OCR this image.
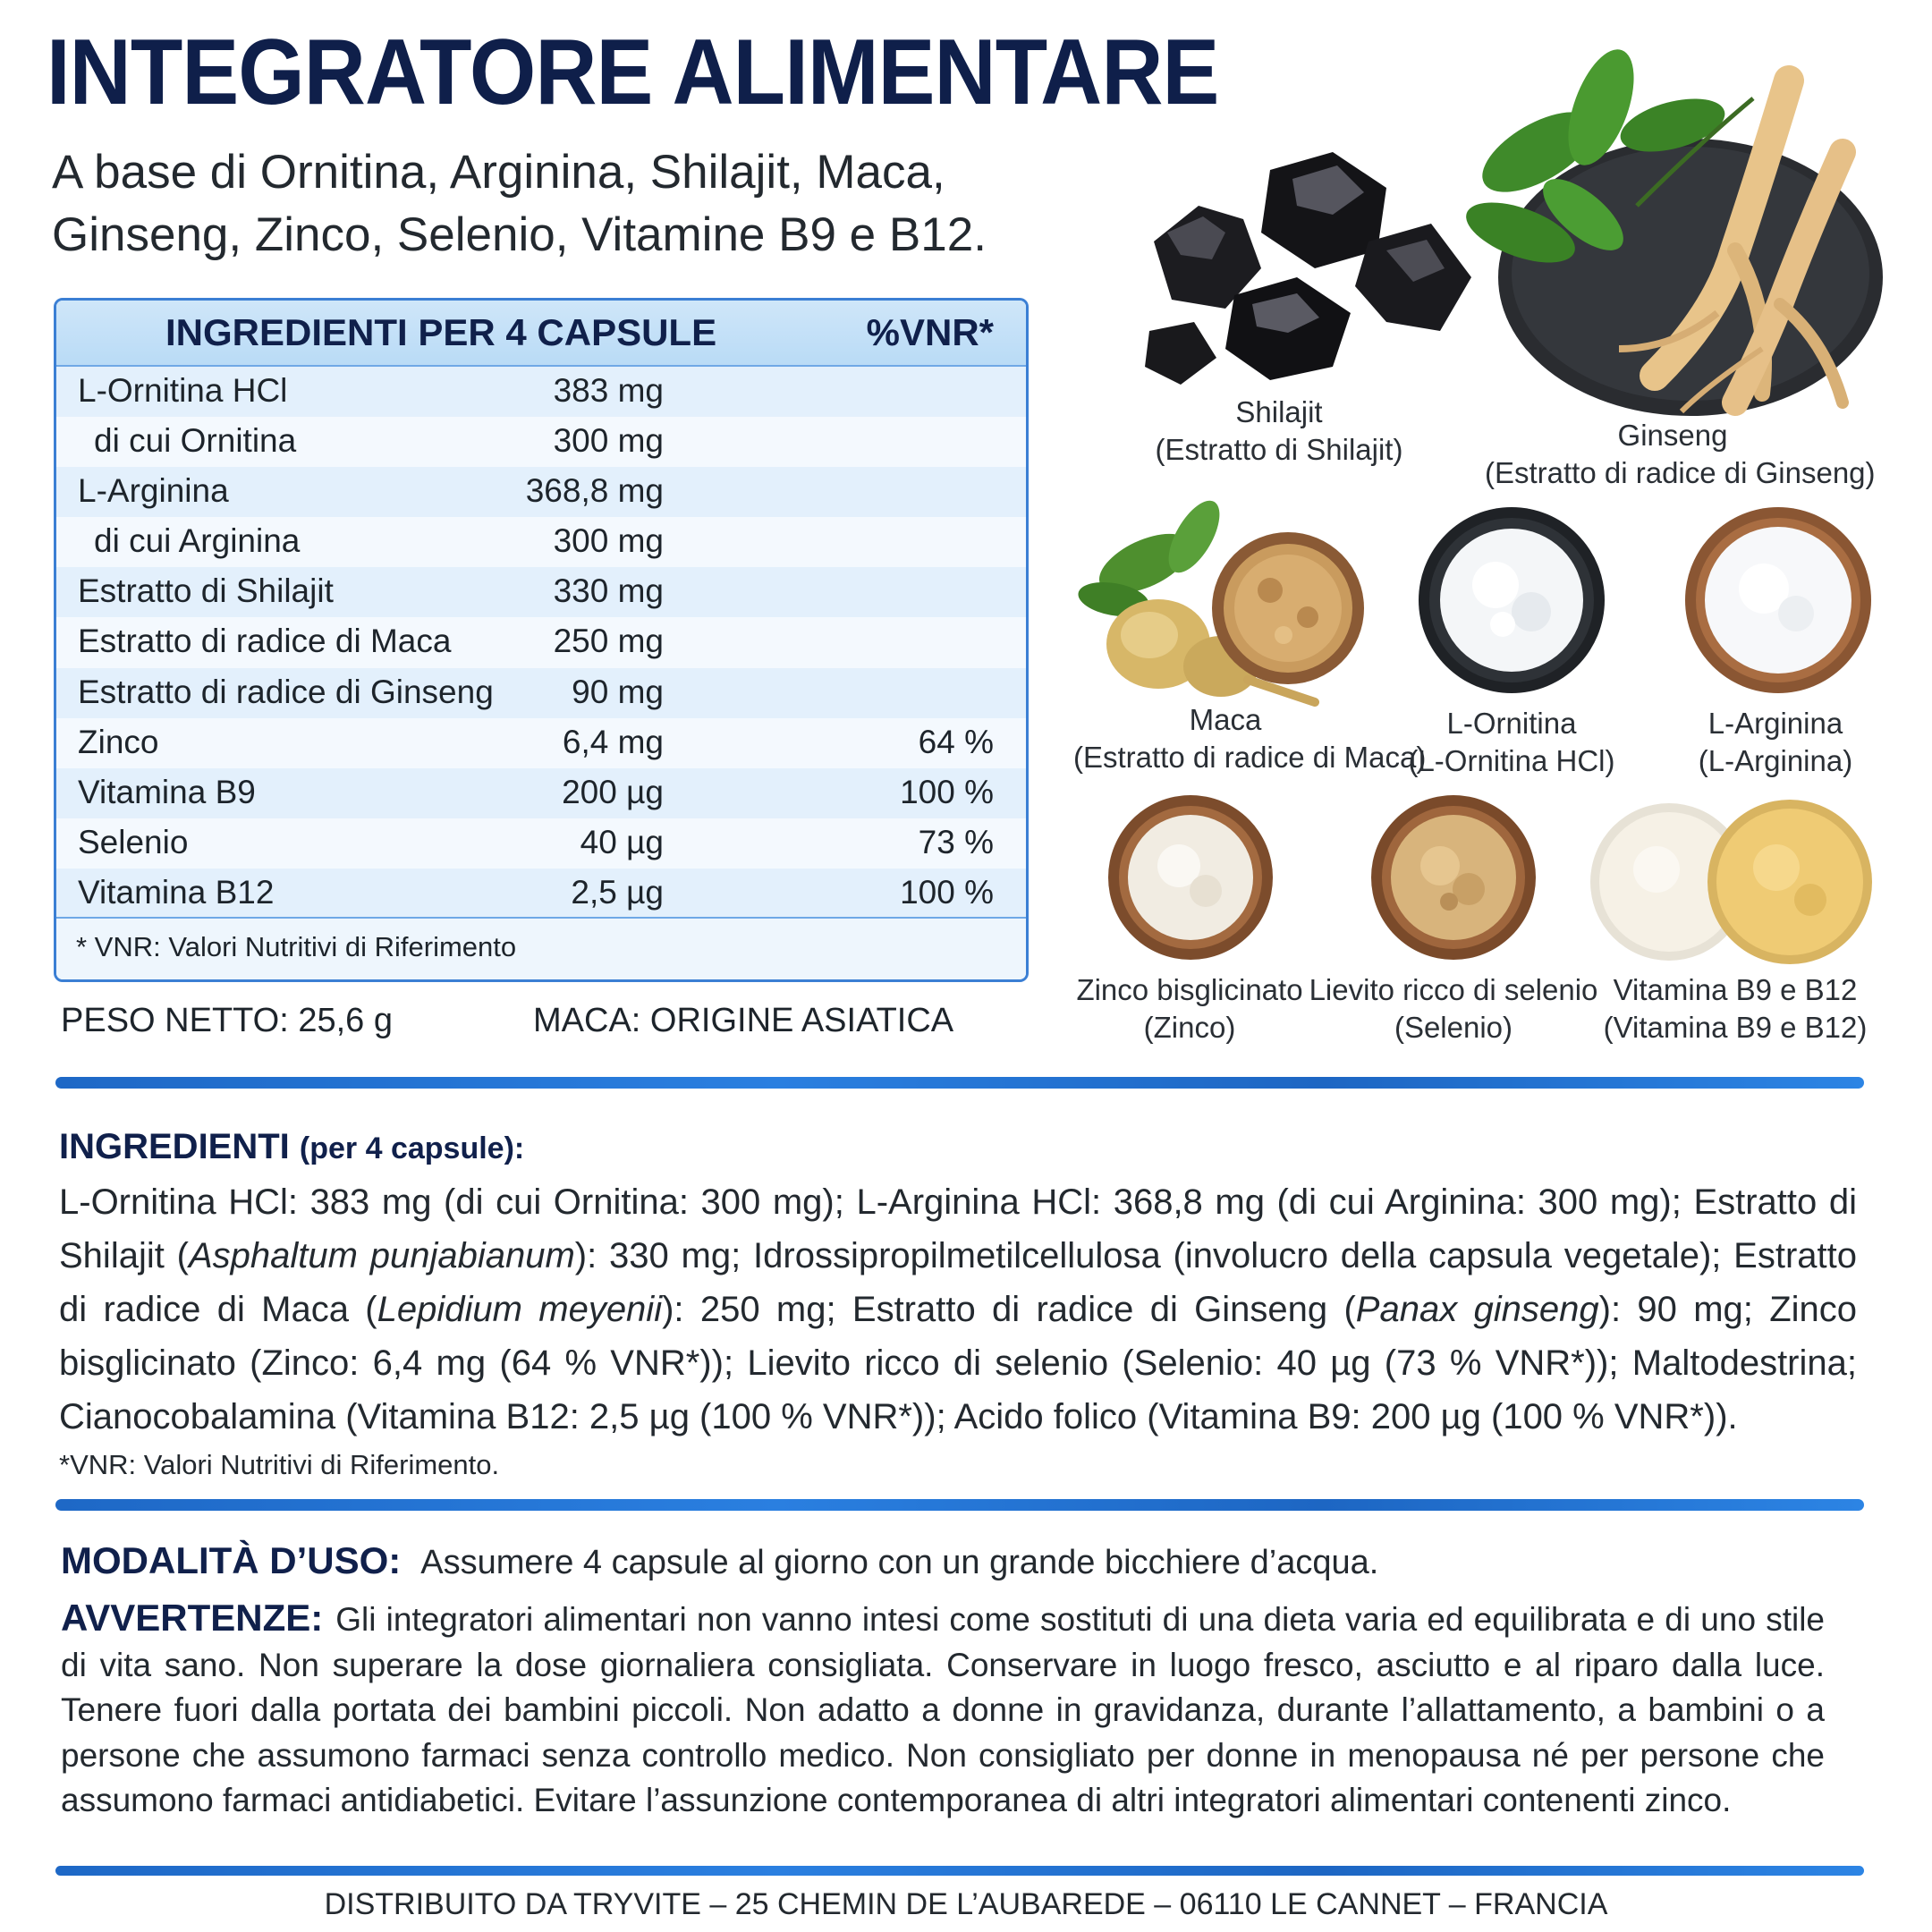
INTEGRATORE ALIMENTARE
A base di Ornitina, Arginina, Shilajit, Maca,
Ginseng, Zinco, Selenio, Vitamine B9 e B12.
INGREDIENTI PER 4 CAPSULE	%VNR*
L-Ornitina HCl	383 mg
di cui Ornitina	300 mg
L-Arginina	368,8 mg
di cui Arginina	300 mg
Estratto di Shilajit	330 mg
Estratto di radice di Maca	250 mg
Estratto di radice di Ginseng 90 mg
Zinco	6,4 mg	64 %
Vitamina B9	200 µg	100 %
Selenio	40 µg	73 %
Vitamina B12	2,5 µg	100 %
* VNR: Valori Nutritivi di Riferimento
PESO NETTO: 25,6 g	MACA: ORIGINE ASIATICA
Shilajit
(Estratto di Shilajit)	Ginseng
(Estratto di radice di Ginseng)
Maca
(Estratto di radice di Maca)
L-Ornitina
(L-Ornitina HCl)
L-Arginina
(L-Arginina)
Zinco bisglicinato
(Zinco)
Lievito ricco di selenio
(Selenio)
Vitamina B9 e B12
(Vitamina B9 e B12)
INGREDIENTI (per 4 capsule):
L-Ornitina HCl: 383 mg (di cui Ornitina: 300 mg); L-Arginina HCl: 368,8 mg (di cui Arginina: 300 mg); Estratto di Shilajit (Asphaltum punjabianum): 330 mg; Idrossipropilmetilcellulosa (involucro della capsula vegetale); Estratto di radice di Maca (Lepidium meyenii): 250 mg; Estratto di radice di Ginseng (Panax ginseng): 90 mg; Zinco bisglicinato (Zinco: 6,4 mg (64 % VNR*)); Lievito ricco di selenio (Selenio: 40 µg (73 % VNR*)); Maltodestrina; Cianocobalamina (Vitamina B12: 2,5 µg (100 % VNR*)); Acido folico (Vitamina B9: 200 µg (100 % VNR*)).
*VNR: Valori Nutritivi di Riferimento.
MODALITÀ D’USO: Assumere 4 capsule al giorno con un grande bicchiere d’acqua.
AVVERTENZE: Gli integratori alimentari non vanno intesi come sostituti di una dieta varia ed equilibrata e di uno stile di vita sano. Non superare la dose giornaliera consigliata. Conservare in luogo fresco, asciutto e al riparo dalla luce. Tenere fuori dalla portata dei bambini piccoli. Non adatto a donne in gravidanza, durante l’allattamento, a bambini o a persone che assumono farmaci senza controllo medico. Non consigliato per donne in menopausa né per persone che assumono farmaci antidiabetici. Evitare l’assunzione contemporanea di altri integratori alimentari contenenti zinco.
DISTRIBUITO DA TRYVITE – 25 CHEMIN DE L’AUBAREDE – 06110 LE CANNET – FRANCIA
